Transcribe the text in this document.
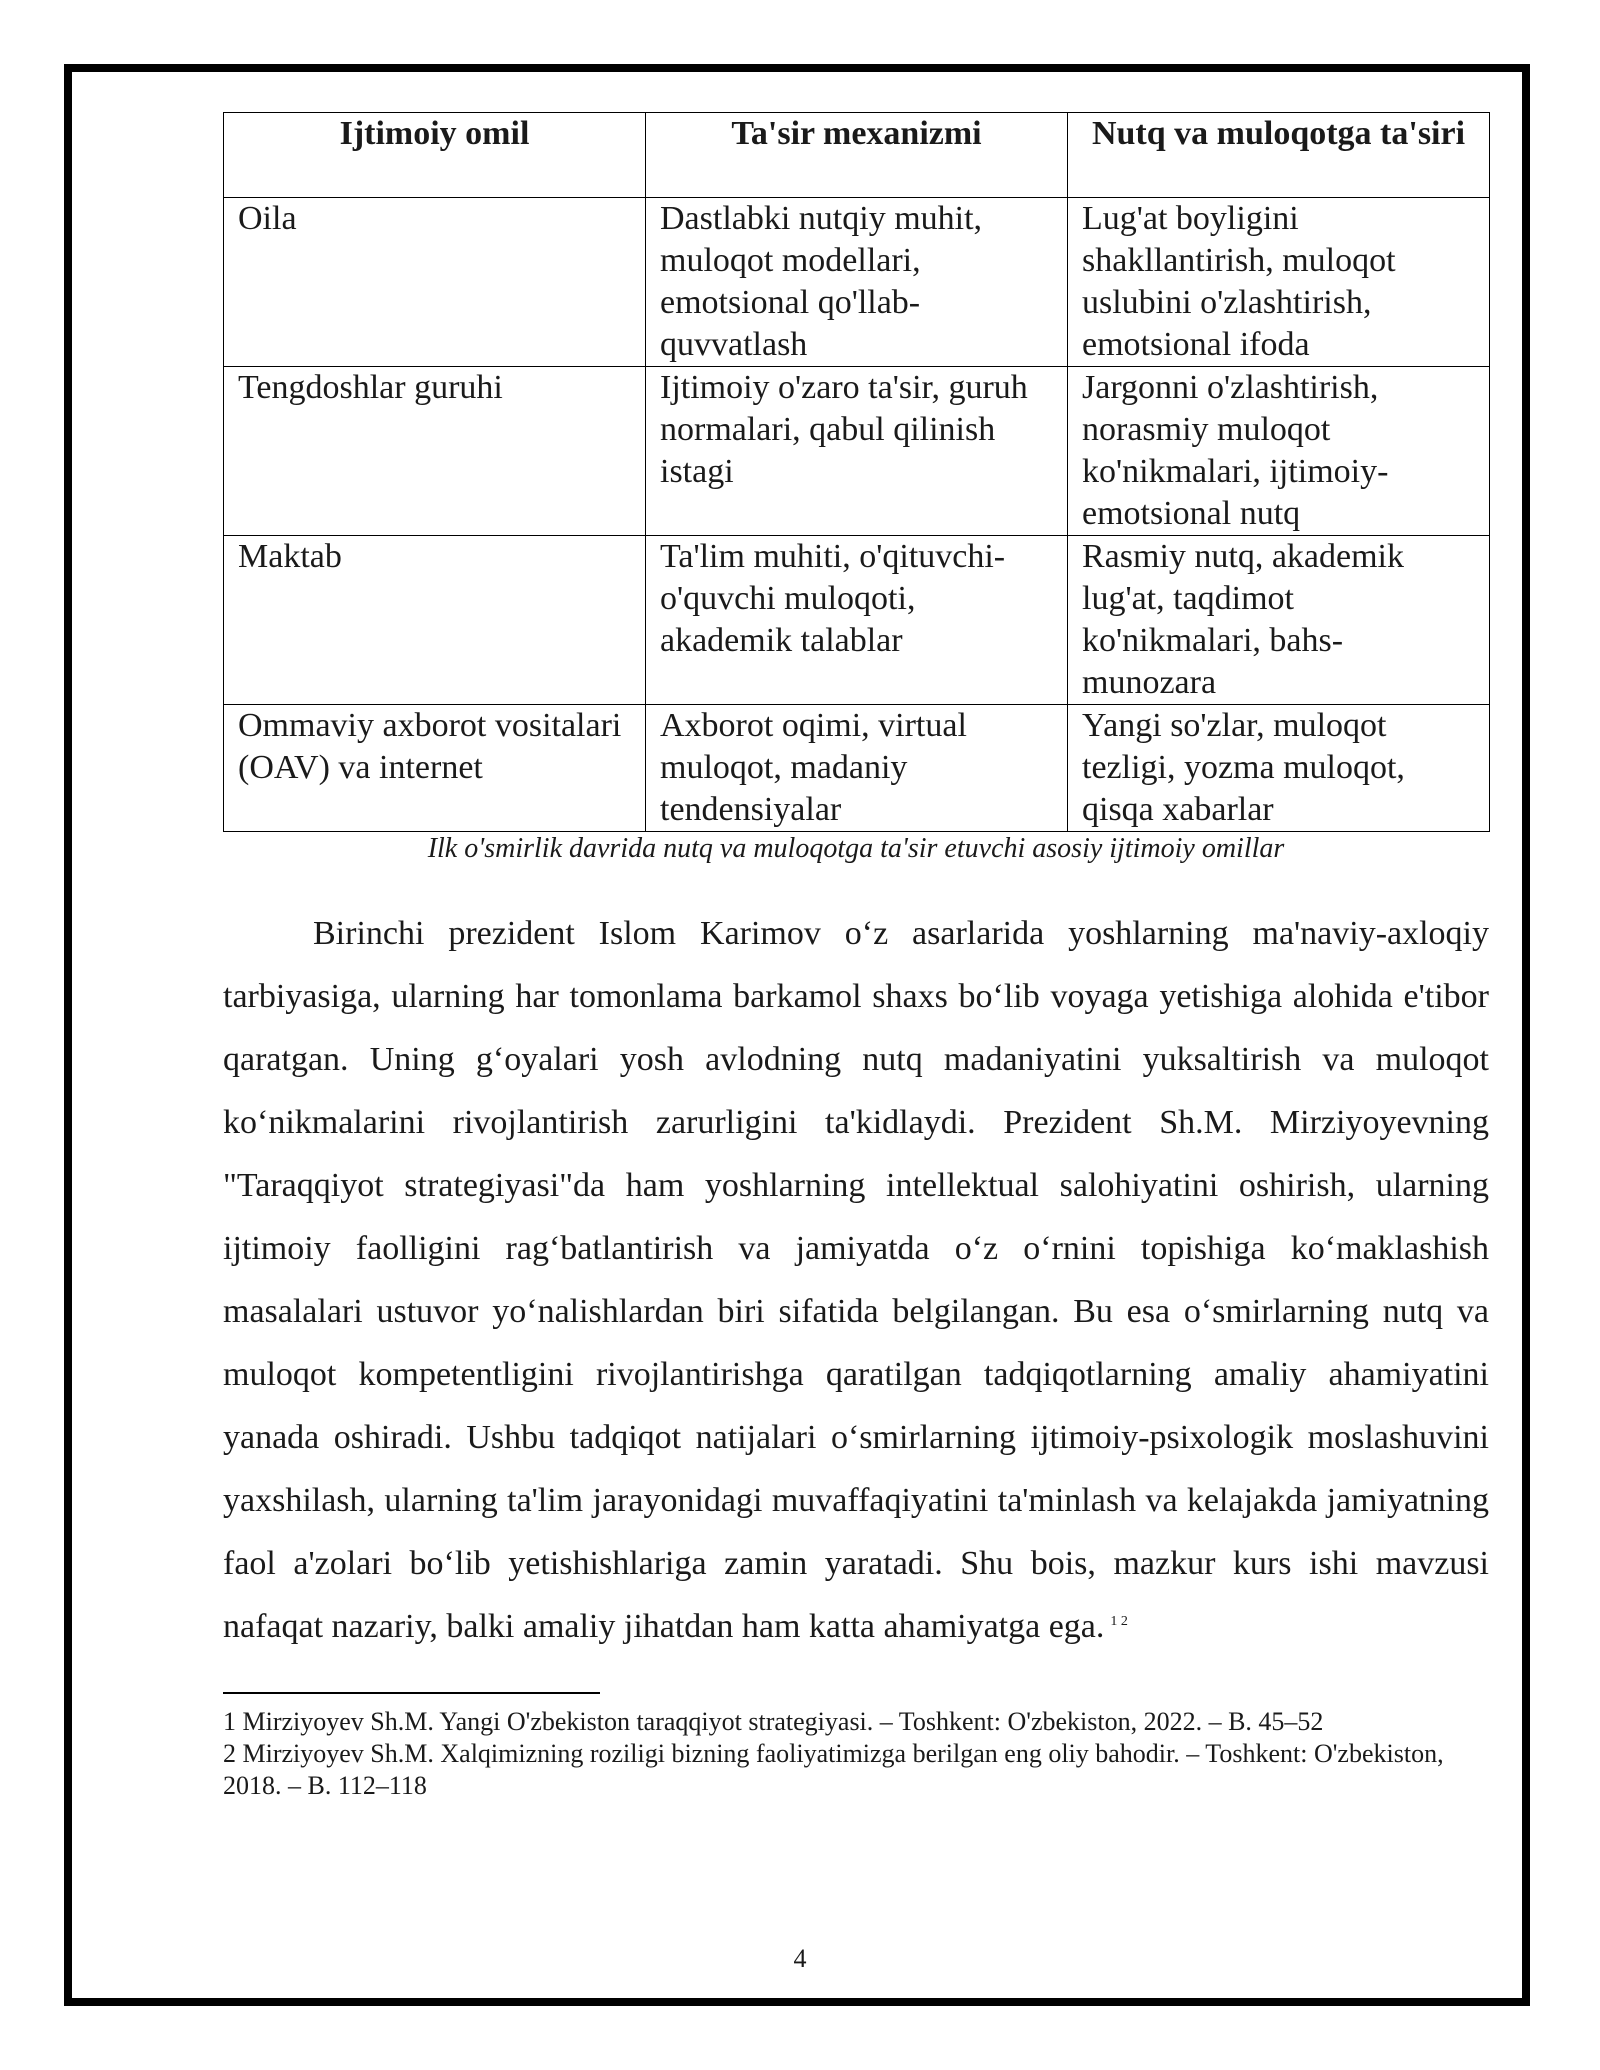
Ijtimoiy omil	Ta'sir mexanizmi	Nutq va muloqotga ta'siri
Oila	Dastlabki nutqiy muhit, muloqot modellari, emotsional qo'llab-quvvatlash	Lug'at boyligini shakllantirish, muloqot uslubini o'zlashtirish, emotsional ifoda
Tengdoshlar guruhi	Ijtimoiy o'zaro ta'sir, guruh normalari, qabul qilinish istagi	Jargonni o'zlashtirish, norasmiy muloqot ko'nikmalari, ijtimoiy-emotsional nutq
Maktab	Ta'lim muhiti, o'qituvchi-o'quvchi muloqoti, akademik talablar	Rasmiy nutq, akademik lug'at, taqdimot ko'nikmalari, bahs-munozara
Ommaviy axborot vositalari (OAV) va internet	Axborot oqimi, virtual muloqot, madaniy tendensiyalar	Yangi so'zlar, muloqot tezligi, yozma muloqot, qisqa xabarlar
Ilk o'smirlik davrida nutq va muloqotga ta'sir etuvchi asosiy ijtimoiy omillar

Birinchi prezident Islom Karimov oʻz asarlarida yoshlarning ma'naviy-axloqiy tarbiyasiga, ularning har tomonlama barkamol shaxs boʻlib voyaga yetishiga alohida e'tibor qaratgan. Uning gʻoyalari yosh avlodning nutq madaniyatini yuksaltirish va muloqot koʻnikmalarini rivojlantirish zarurligini ta'kidlaydi. Prezident Sh.M. Mirziyoyevning "Taraqqiyot strategiyasi"da ham yoshlarning intellektual salohiyatini oshirish, ularning ijtimoiy faolligini ragʻbatlantirish va jamiyatda oʻz oʻrnini topishiga koʻmaklashish masalalari ustuvor yoʻnalishlardan biri sifatida belgilangan. Bu esa oʻsmirlarning nutq va muloqot kompetentligini rivojlantirishga qaratilgan tadqiqotlarning amaliy ahamiyatini yanada oshiradi. Ushbu tadqiqot natijalari oʻsmirlarning ijtimoiy-psixologik moslashuvini yaxshilash, ularning ta'lim jarayonidagi muvaffaqiyatini ta'minlash va kelajakda jamiyatning faol a'zolari boʻlib yetishishlariga zamin yaratadi. Shu bois, mazkur kurs ishi mavzusi nafaqat nazariy, balki amaliy jihatdan ham katta ahamiyatga ega. $^{1 2}$

1 Mirziyoyev Sh.M. Yangi O'zbekiston taraqqiyot strategiyasi. – Toshkent: O'zbekiston, 2022. – B. 45–52

2 Mirziyoyev Sh.M. Xalqimizning roziligi bizning faoliyatimizga berilgan eng oliy bahodir. – Toshkent: O'zbekiston, 2018. – B. 112–118

4
